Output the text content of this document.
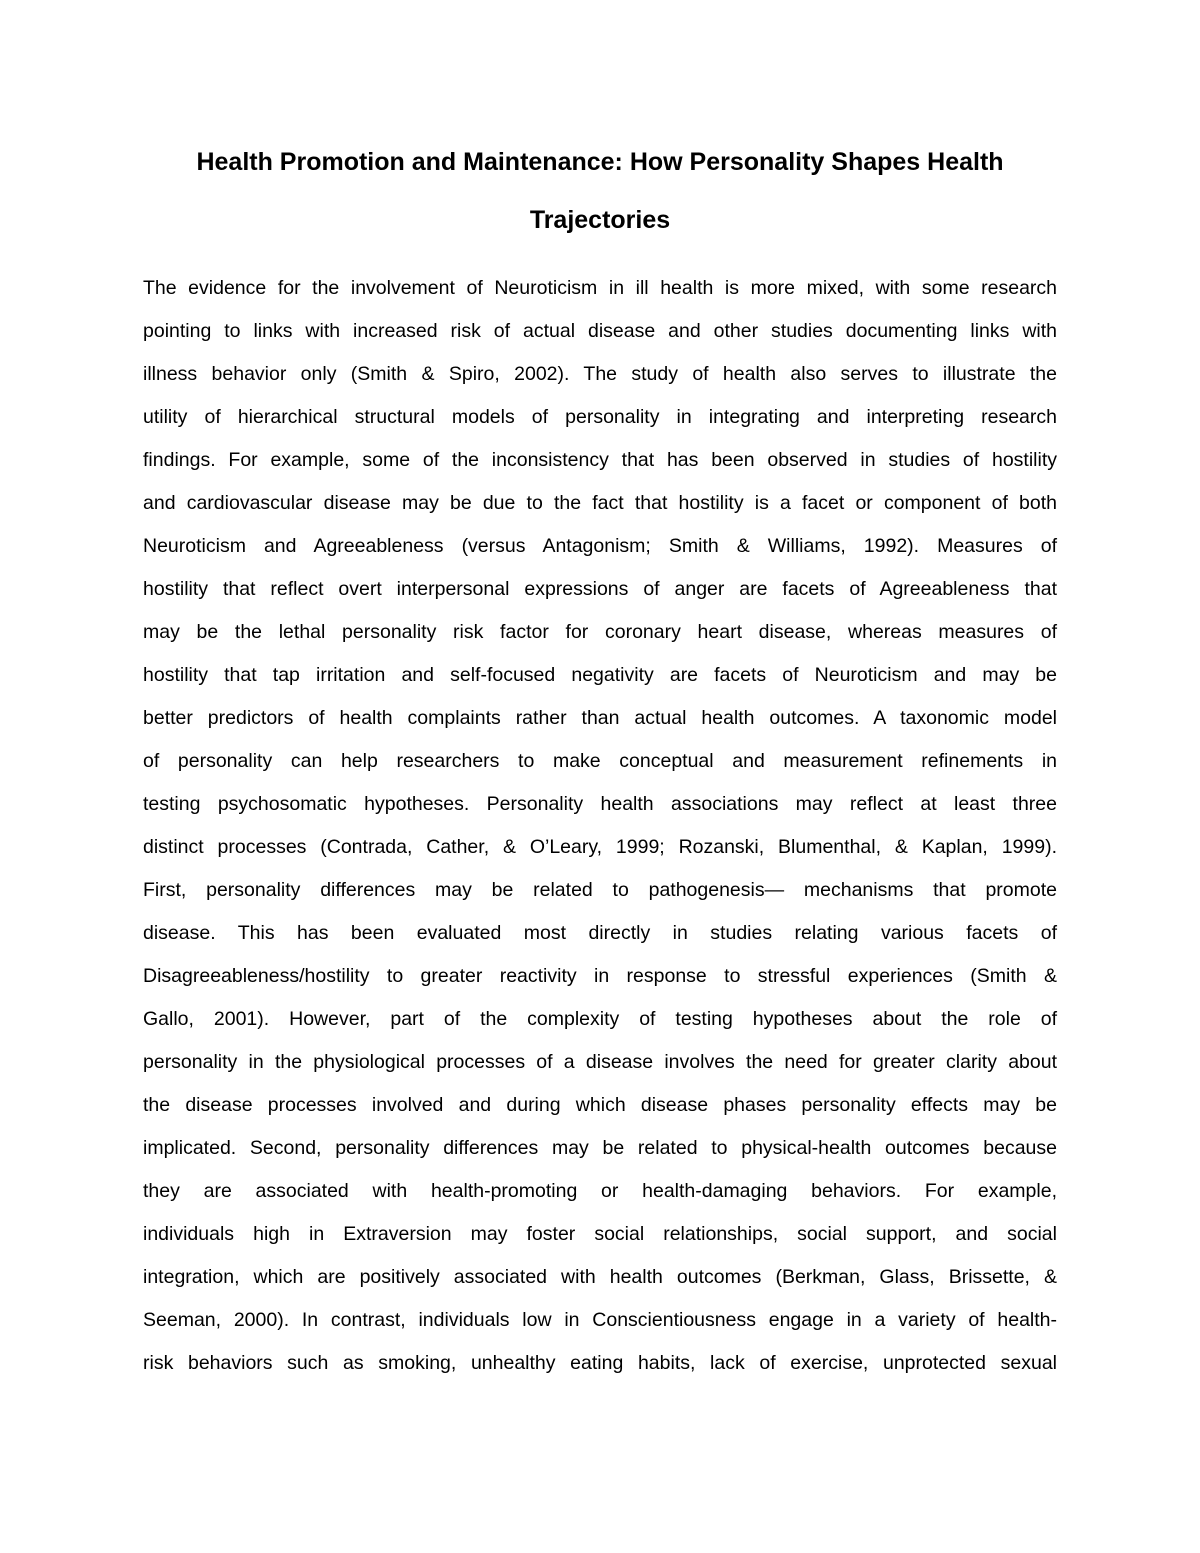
Health Promotion and Maintenance: How Personality Shapes Health
Trajectories
The evidence for the involvement of Neuroticism in ill health is more mixed, with some research
pointing to links with increased risk of actual disease and other studies documenting links with
illness behavior only (Smith & Spiro, 2002). The study of health also serves to illustrate the
utility of hierarchical structural models of personality in integrating and interpreting research
findings. For example, some of the inconsistency that has been observed in studies of hostility
and cardiovascular disease may be due to the fact that hostility is a facet or component of both
Neuroticism and Agreeableness (versus Antagonism; Smith & Williams, 1992). Measures of
hostility that reflect overt interpersonal expressions of anger are facets of Agreeableness that
may be the lethal personality risk factor for coronary heart disease, whereas measures of
hostility that tap irritation and self-focused negativity are facets of Neuroticism and may be
better predictors of health complaints rather than actual health outcomes. A taxonomic model
of personality can help researchers to make conceptual and measurement refinements in
testing psychosomatic hypotheses. Personality health associations may reflect at least three
distinct processes (Contrada, Cather, & O’Leary, 1999; Rozanski, Blumenthal, & Kaplan, 1999).
First, personality differences may be related to pathogenesis— mechanisms that promote
disease. This has been evaluated most directly in studies relating various facets of
Disagreeableness/hostility to greater reactivity in response to stressful experiences (Smith &
Gallo, 2001). However, part of the complexity of testing hypotheses about the role of
personality in the physiological processes of a disease involves the need for greater clarity about
the disease processes involved and during which disease phases personality effects may be
implicated. Second, personality differences may be related to physical-health outcomes because
they are associated with health-promoting or health-damaging behaviors. For example,
individuals high in Extraversion may foster social relationships, social support, and social
integration, which are positively associated with health outcomes (Berkman, Glass, Brissette, &
Seeman, 2000). In contrast, individuals low in Conscientiousness engage in a variety of health-
risk behaviors such as smoking, unhealthy eating habits, lack of exercise, unprotected sexual
